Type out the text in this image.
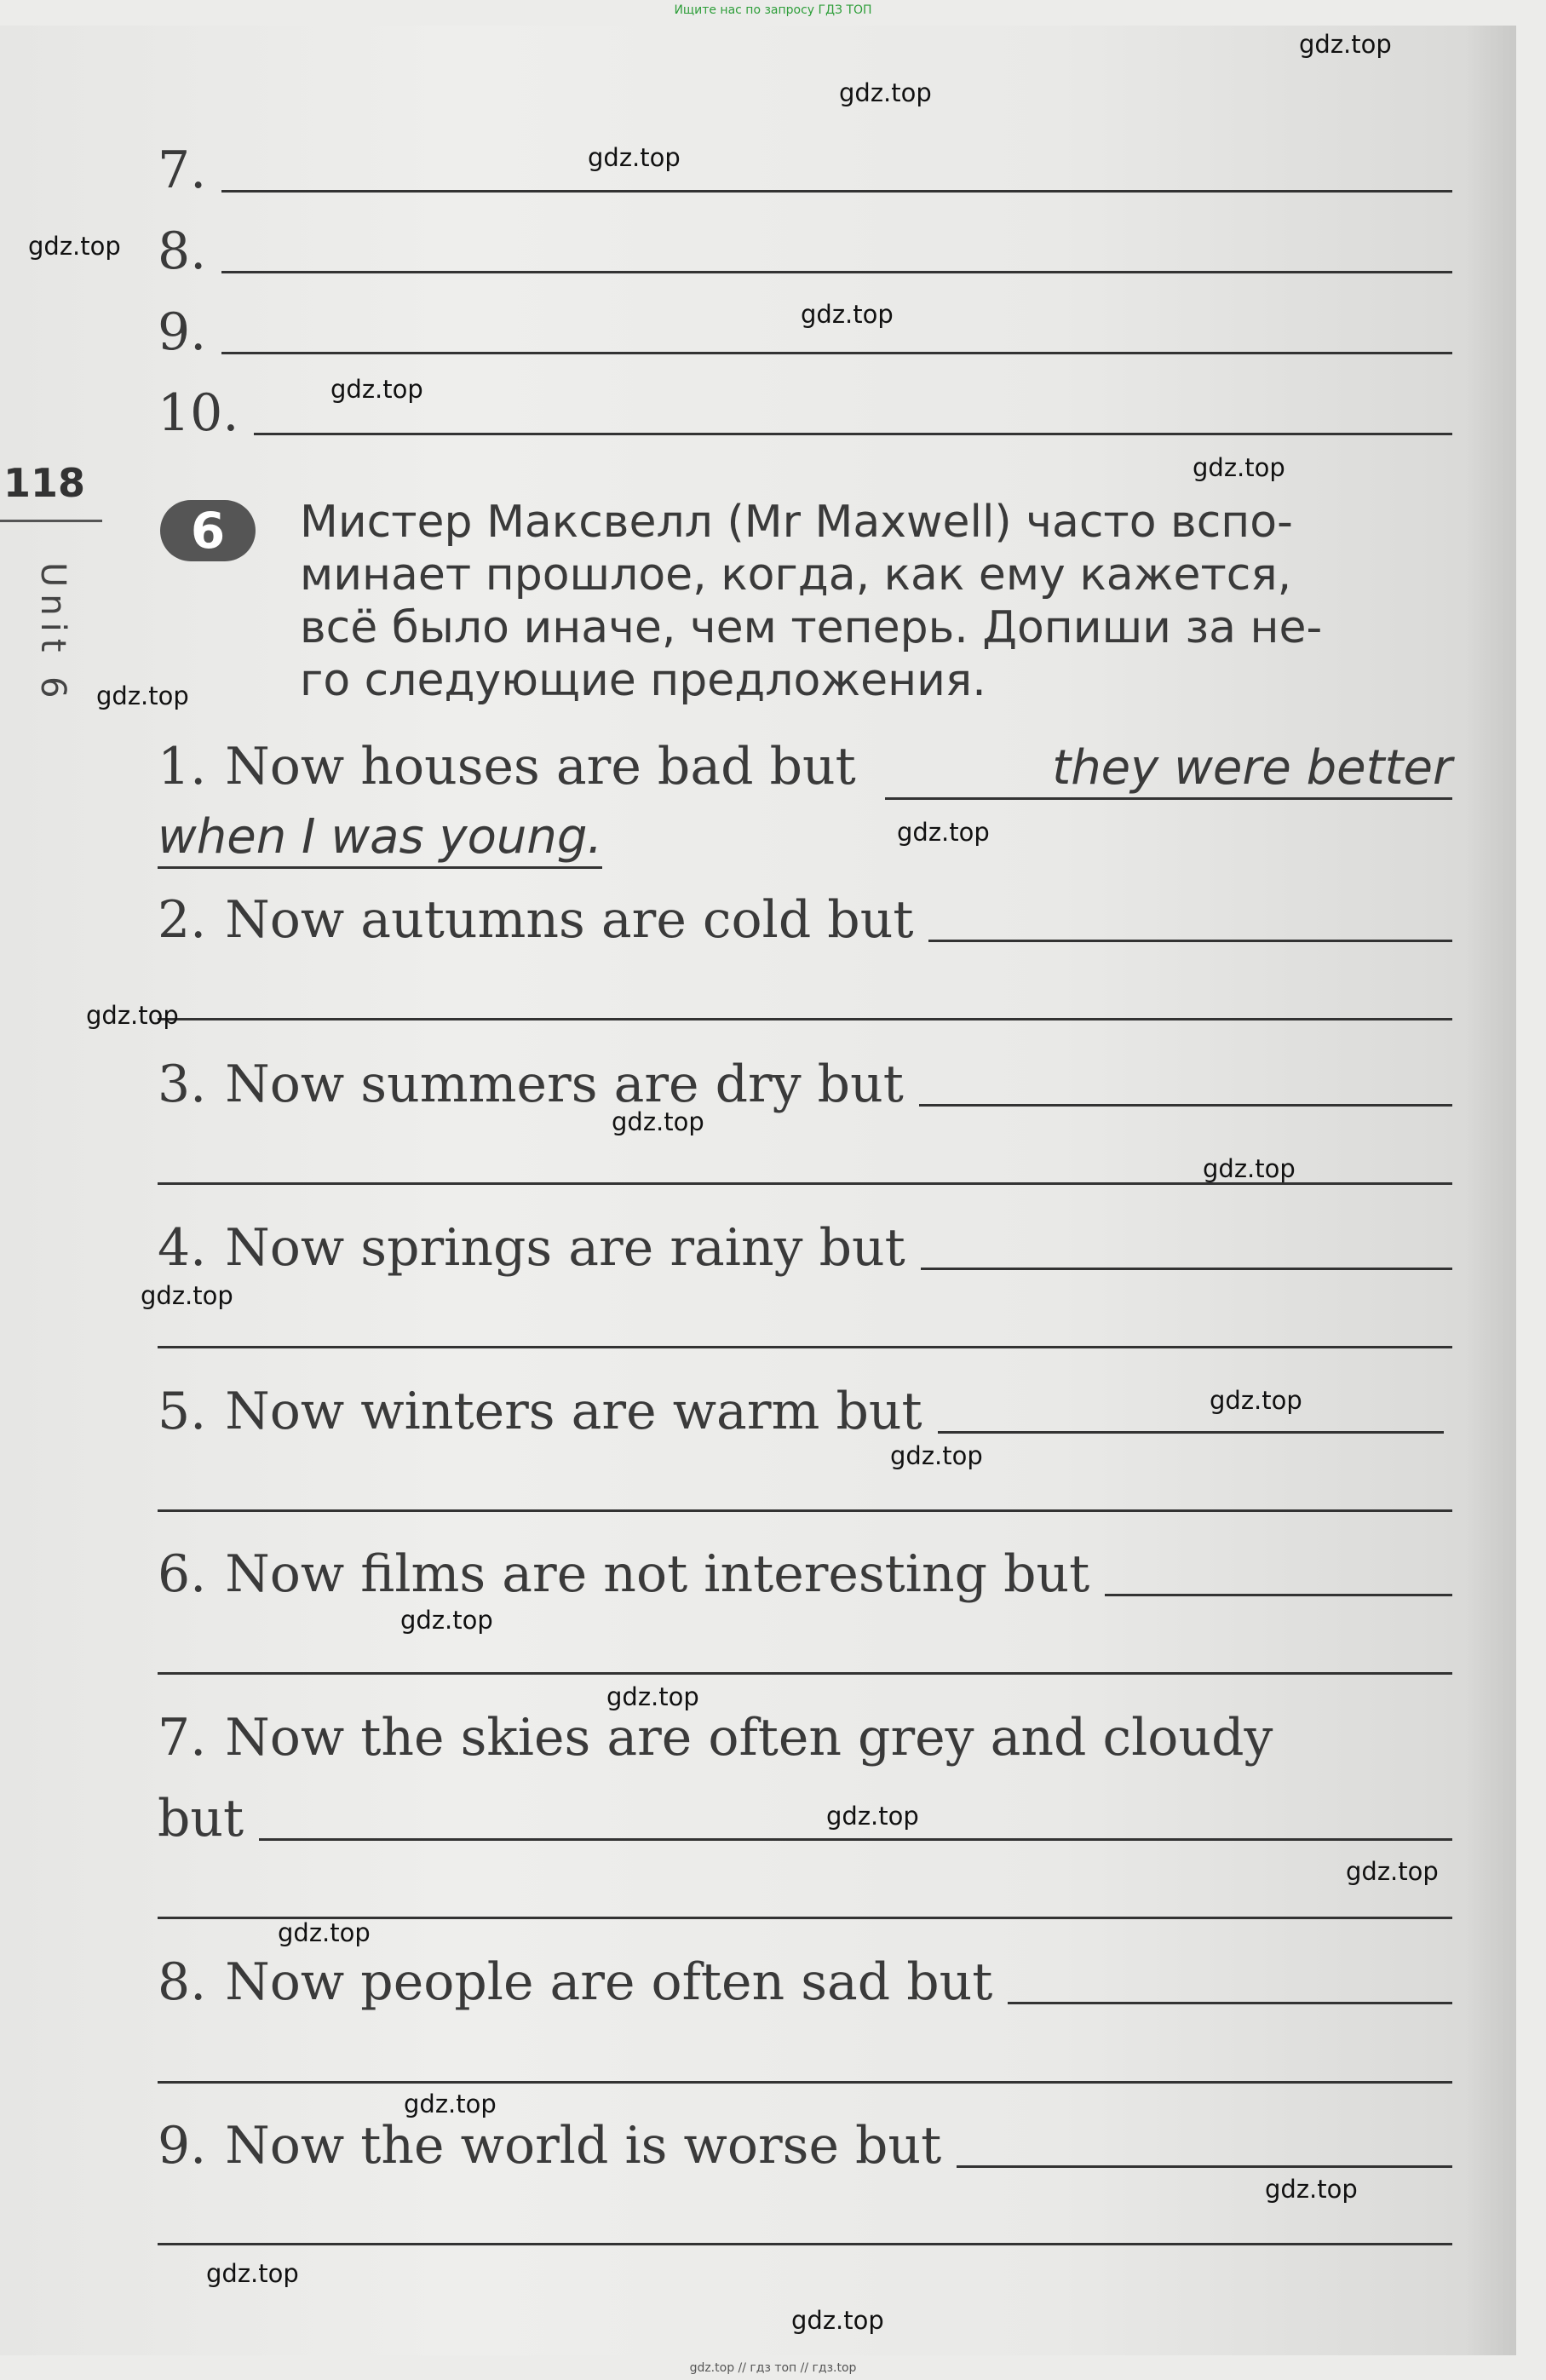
Ищите нас по запросу ГДЗ ТОП
118
Unit 6
7.
8.
9.
10.
6	Мистер Максвелл (Mr Maxwell) часто вспо-
минает прошлое, когда, как ему кажется,
всё было иначе, чем теперь. Допиши за не-
го следующие предложения.
1. Now houses are bad but	they were better
when I was young.
2. Now autumns are cold but
3. Now summers are dry but
4. Now springs are rainy but
5. Now winters are warm but
6. Now films are not interesting but
7. Now the skies are often grey and cloudy
but
8. Now people are often sad but
9. Now the world is worse but
gdz.top
gdz.top
gdz.top
gdz.top
gdz.top
gdz.top
gdz.top
gdz.top
gdz.top
gdz.top
gdz.top
gdz.top
gdz.top
gdz.top
gdz.top
gdz.top
gdz.top
gdz.top
gdz.top
gdz.top
gdz.top
gdz.top
gdz.top
gdz.top
gdz.top // гдз топ // гдз.top
